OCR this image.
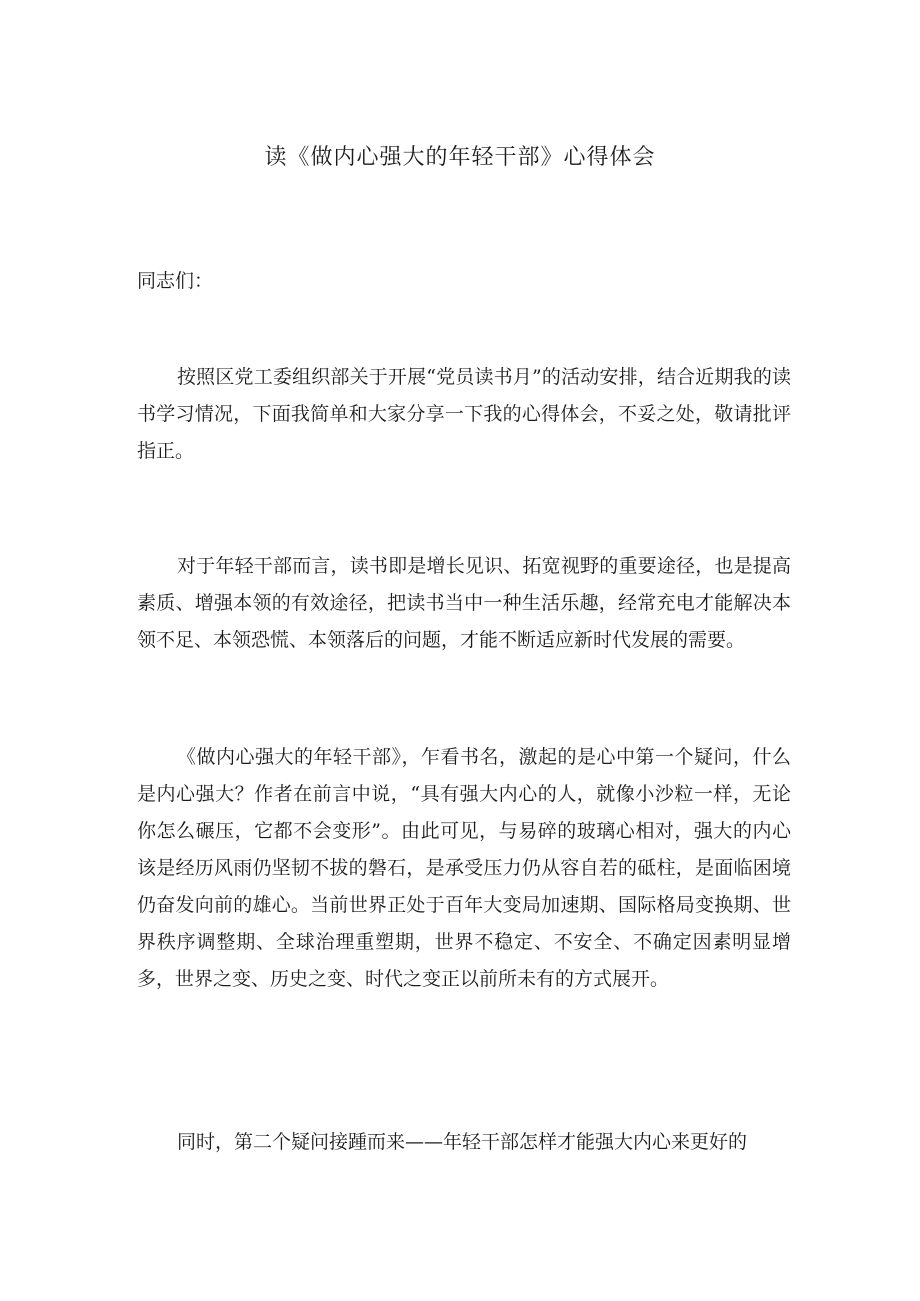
读《做内心强大的年轻干部》心得体会
同志们：

按照区党工委组织部关于开展“党员读书月”的活动安排，结合近期我的读书学习情况，下面我简单和大家分享一下我的心得体会，不妥之处，敬请批评指正。

对于年轻干部而言，读书即是增长见识、拓宽视野的重要途径，也是提高素质、增强本领的有效途径，把读书当中一种生活乐趣，经常充电才能解决本领不足、本领恐慌、本领落后的问题，才能不断适应新时代发展的需要。

《做内心强大的年轻干部》，乍看书名，激起的是心中第一个疑问，什么是内心强大？作者在前言中说，“具有强大内心的人，就像小沙粒一样，无论你怎么碾压，它都不会变形”。由此可见，与易碎的玻璃心相对，强大的内心该是经历风雨仍坚韧不拔的磐石，是承受压力仍从容自若的砥柱，是面临困境仍奋发向前的雄心。当前世界正处于百年大变局加速期、国际格局变换期、世界秩序调整期、全球治理重塑期，世界不稳定、不安全、不确定因素明显增多，世界之变、历史之变、时代之变正以前所未有的方式展开。

同时，第二个疑问接踵而来——年轻干部怎样才能强大内心来更好的
